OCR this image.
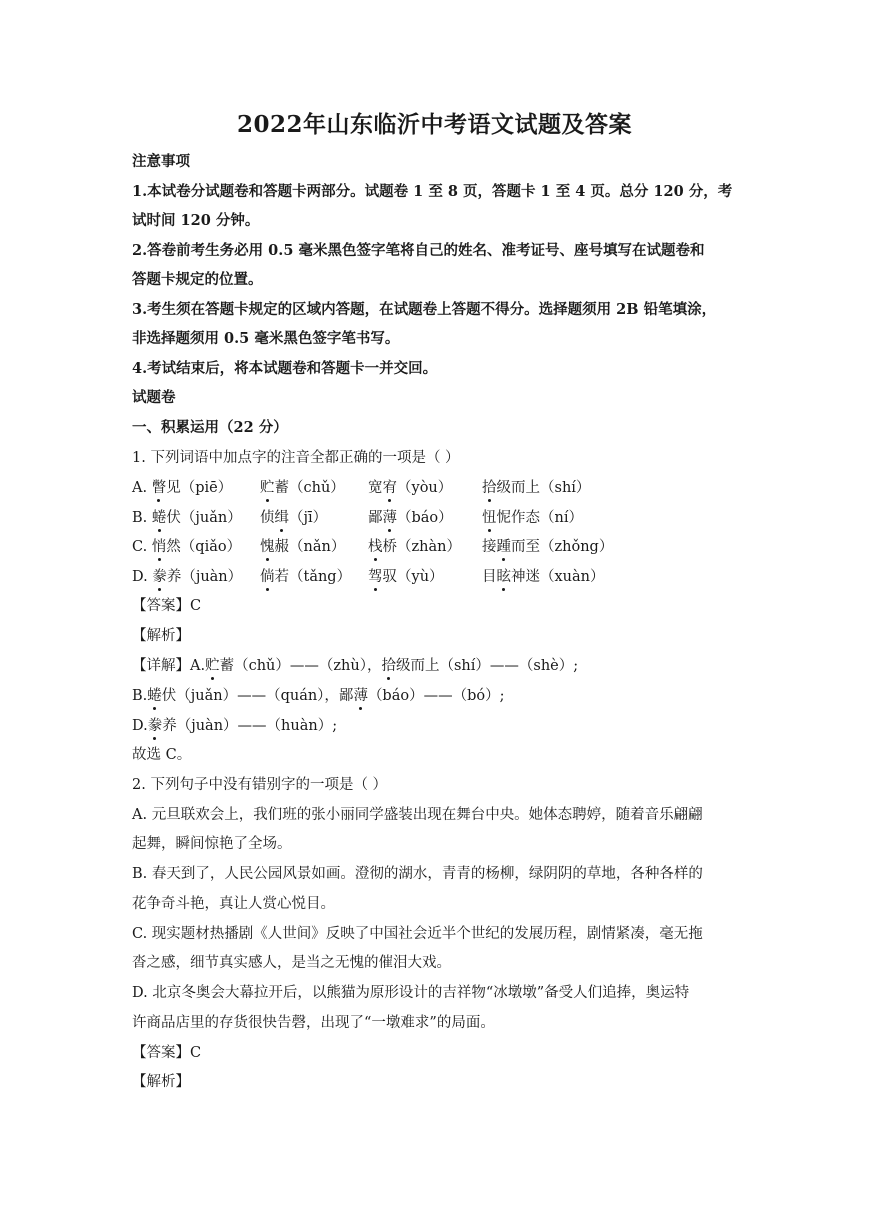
2022年山东临沂中考语文试题及答案
注意事项
1.本试卷分试题卷和答题卡两部分。试题卷 1 至 8 页，答题卡 1 至 4 页。总分 120 分，考
试时间 120 分钟。
2.答卷前考生务必用 0.5 毫米黑色签字笔将自己的姓名、准考证号、座号填写在试题卷和
答题卡规定的位置。
3.考生须在答题卡规定的区域内答题，在试题卷上答题不得分。选择题须用 2B 铅笔填涂，
非选择题须用 0.5 毫米黑色签字笔书写。
4.考试结束后，将本试题卷和答题卡一并交回。
试题卷
一、积累运用（22 分）
1. 下列词语中加点字的注音全都正确的一项是（ ）
A. 瞥见（piē） 贮蓄（chǔ） 宽宥（yòu） 拾级而上（shí）
B. 蜷伏（juǎn） 侦缉（jī）	鄙薄（báo） 忸怩作态（ní）
C. 悄然（qiǎo） 愧赧（nǎn） 栈桥（zhàn） 接踵而至（zhǒng）
D. 豢养（juàn） 倘若（tǎng） 驾驭（yù）	目眩神迷（xuàn）
【答案】C
【解析】
【详解】A.贮蓄（chǔ）——（zhù），拾级而上（shí）——（shè）;
B.蜷伏（juǎn）——（quán），鄙薄（báo）——（bó）;
D.豢养（juàn）——（huàn）;
故选 C。
2. 下列句子中没有错别字的一项是（ ）
A. 元旦联欢会上，我们班的张小丽同学盛装出现在舞台中央。她体态聘婷，随着音乐翩翩
起舞，瞬间惊艳了全场。
B. 春天到了，人民公园风景如画。澄彻的湖水，青青的杨柳，绿阴阴的草地，各种各样的
花争奇斗艳，真让人赏心悦目。
C. 现实题材热播剧《人世间》反映了中国社会近半个世纪的发展历程，剧情紧凑，毫无拖
沓之感，细节真实感人，是当之无愧的催泪大戏。
D. 北京冬奥会大幕拉开后，以熊猫为原形设计的吉祥物“冰墩墩”备受人们追捧，奥运特
许商品店里的存货很快告磬，出现了“一墩难求”的局面。
【答案】C
【解析】
